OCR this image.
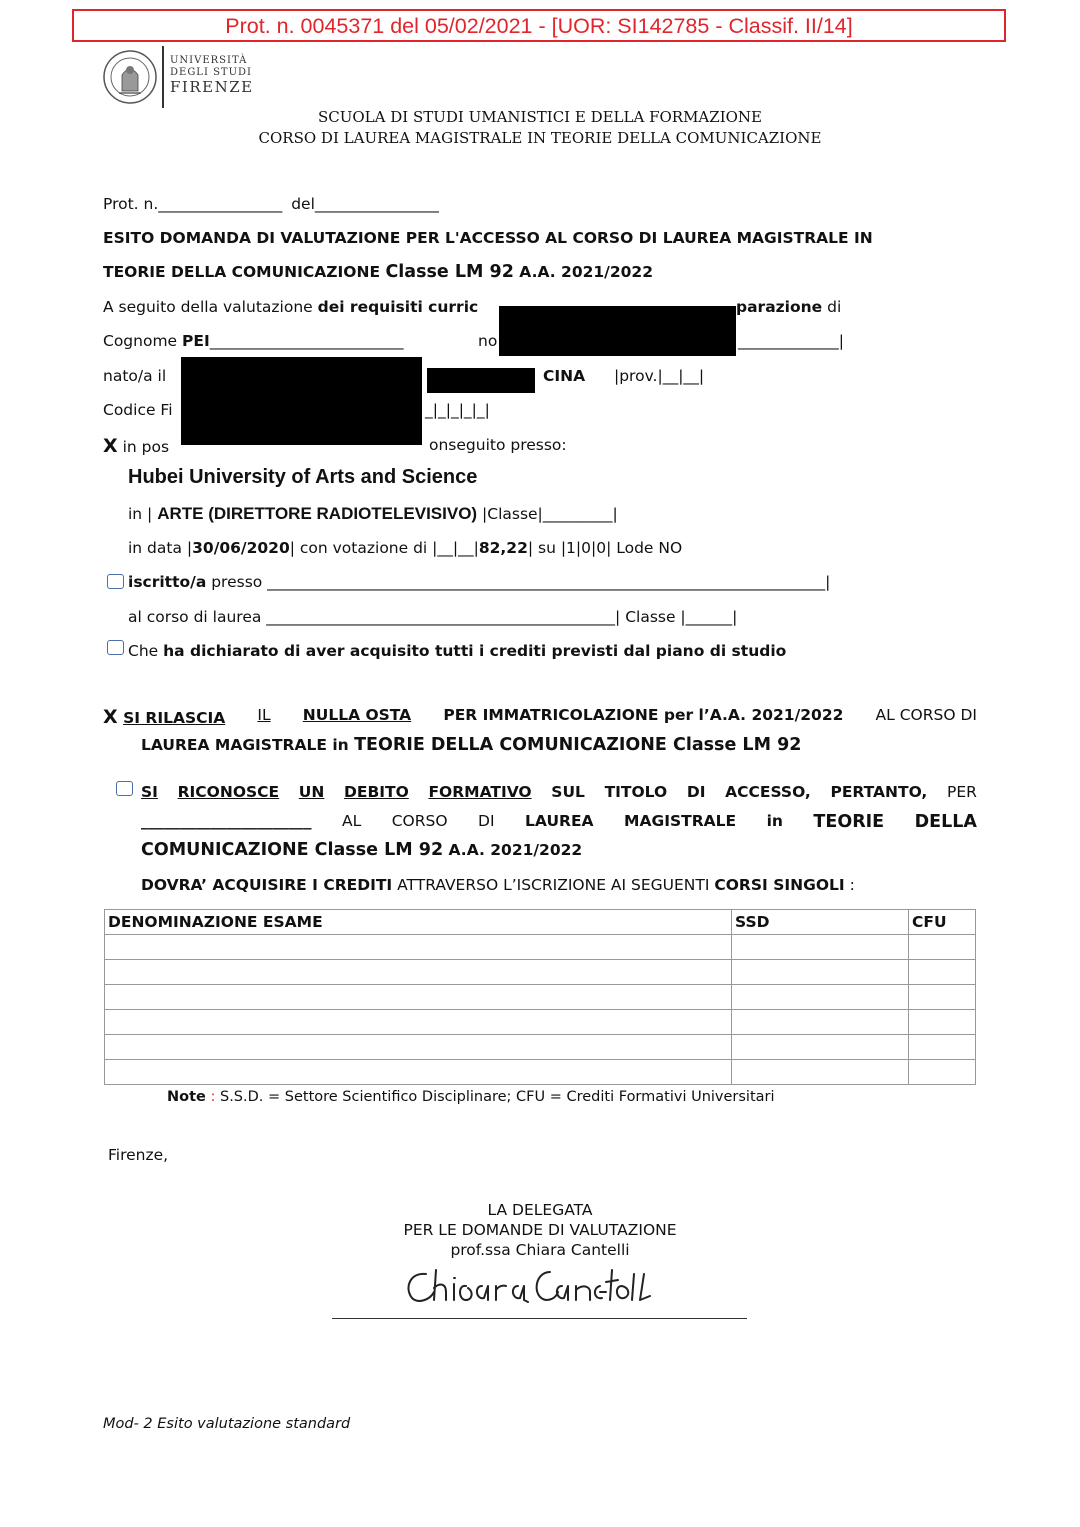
Prot. n. 0045371 del 05/02/2021 - [UOR: SI142785 - Classif. II/14]
UNIVERSITÀ
DEGLI STUDI
FIRENZE
SCUOLA DI STUDI UMANISTICI E DELLA FORMAZIONE
CORSO DI LAUREA MAGISTRALE IN TEORIE DELLA COMUNICAZIONE
Prot. n.________________ del________________
ESITO DOMANDA DI VALUTAZIONE PER L'ACCESSO AL CORSO DI LAUREA MAGISTRALE IN
TEORIE DELLA COMUNICAZIONE Classe LM 92 A.A. 2021/2022
A seguito della valutazione dei requisiti curric	parazione di
Cognome PEI_________________________	no	_____________|
nato/a il	CINA |prov.|__|__|
Codice Fi	_|_|_|_|_|
X in pos	onseguito presso:
Hubei University of Arts and Science
in | ARTE (DIRETTORE RADIOTELEVISIVO) |Classe|_________|
in data |30/06/2020| con votazione di |__|__|82,22| su |1|0|0| Lode NO
iscritto/a presso ________________________________________________________________________|
al corso di laurea _____________________________________________| Classe |______|
Che ha dichiarato di aver acquisito tutti i crediti previsti dal piano di studio
X SI RILASCIA IL NULLA OSTA PER IMMATRICOLAZIONE per l’A.A. 2021/2022 AL CORSO DI
LAUREA MAGISTRALE in TEORIE DELLA COMUNICAZIONE Classe LM 92
SI RICONOSCE UN DEBITO FORMATIVO SUL TITOLO DI ACCESSO, PERTANTO, PER
______________________ AL CORSO DI LAUREA MAGISTRALE in TEORIE DELLA
COMUNICAZIONE Classe LM 92 A.A. 2021/2022
DOVRA’ ACQUISIRE I CREDITI ATTRAVERSO L’ISCRIZIONE AI SEGUENTI CORSI SINGOLI :
DENOMINAZIONE ESAME	SSD	CFU

Note : S.S.D. = Settore Scientifico Disciplinare; CFU = Crediti Formativi Universitari
Firenze,
LA DELEGATA
PER LE DOMANDE DI VALUTAZIONE
prof.ssa Chiara Cantelli
Mod- 2 Esito valutazione standard
